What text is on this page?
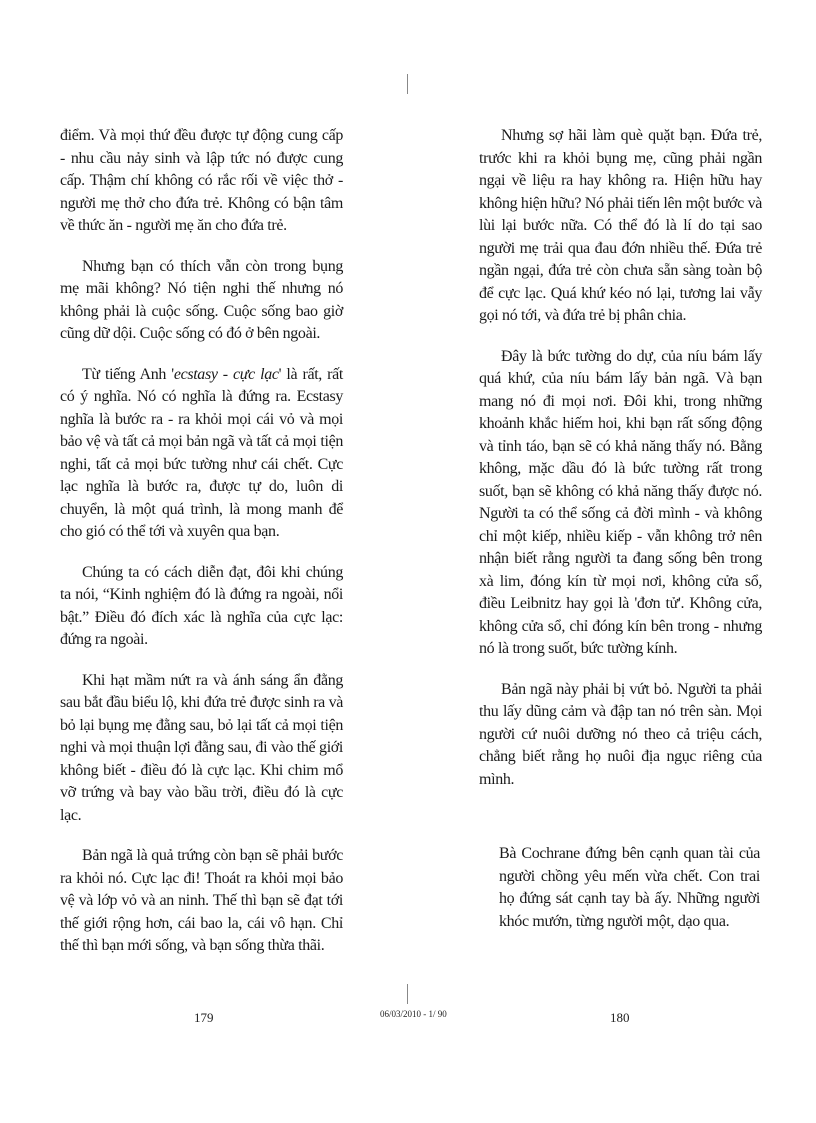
điểm. Và mọi thứ đều được tự động cung cấp - nhu cầu nảy sinh và lập tức nó được cung cấp. Thậm chí không có rắc rối về việc thở - người mẹ thở cho đứa trẻ. Không có bận tâm về thức ăn - người mẹ ăn cho đứa trẻ.

Nhưng bạn có thích vẫn còn trong bụng mẹ mãi không? Nó tiện nghi thế nhưng nó không phải là cuộc sống. Cuộc sống bao giờ cũng dữ dội. Cuộc sống có đó ở bên ngoài.

Từ tiếng Anh 'ecstasy - cực lạc' là rất, rất có ý nghĩa. Nó có nghĩa là đứng ra. Ecstasy nghĩa là bước ra - ra khỏi mọi cái vỏ và mọi bảo vệ và tất cả mọi bản ngã và tất cả mọi tiện nghi, tất cả mọi bức tường như cái chết. Cực lạc nghĩa là bước ra, được tự do, luôn di chuyển, là một quá trình, là mong manh để cho gió có thể tới và xuyên qua bạn.

Chúng ta có cách diễn đạt, đôi khi chúng ta nói, “Kinh nghiệm đó là đứng ra ngoài, nổi bật.” Điều đó đích xác là nghĩa của cực lạc: đứng ra ngoài.

Khi hạt mầm nứt ra và ánh sáng ẩn đằng sau bắt đầu biểu lộ, khi đứa trẻ được sinh ra và bỏ lại bụng mẹ đằng sau, bỏ lại tất cả mọi tiện nghi và mọi thuận lợi đằng sau, đi vào thế giới không biết - điều đó là cực lạc. Khi chim mổ vỡ trứng và bay vào bầu trời, điều đó là cực lạc.

Bản ngã là quả trứng còn bạn sẽ phải bước ra khỏi nó. Cực lạc đi! Thoát ra khỏi mọi bảo vệ và lớp vỏ và an ninh. Thế thì bạn sẽ đạt tới thế giới rộng hơn, cái bao la, cái vô hạn. Chỉ thế thì bạn mới sống, và bạn sống thừa thãi.

Nhưng sợ hãi làm què quặt bạn. Đứa trẻ, trước khi ra khỏi bụng mẹ, cũng phải ngần ngại về liệu ra hay không ra. Hiện hữu hay không hiện hữu? Nó phải tiến lên một bước và lùi lại bước nữa. Có thể đó là lí do tại sao người mẹ trải qua đau đớn nhiều thế. Đứa trẻ ngần ngại, đứa trẻ còn chưa sẵn sàng toàn bộ để cực lạc. Quá khứ kéo nó lại, tương lai vẫy gọi nó tới, và đứa trẻ bị phân chia.

Đây là bức tường do dự, của níu bám lấy quá khứ, của níu bám lấy bản ngã. Và bạn mang nó đi mọi nơi. Đôi khi, trong những khoảnh khắc hiếm hoi, khi bạn rất sống động và tỉnh táo, bạn sẽ có khả năng thấy nó. Bằng không, mặc dầu đó là bức tường rất trong suốt, bạn sẽ không có khả năng thấy được nó. Người ta có thể sống cả đời mình - và không chỉ một kiếp, nhiều kiếp - vẫn không trở nên nhận biết rằng người ta đang sống bên trong xà lim, đóng kín từ mọi nơi, không cửa sổ, điều Leibnitz hay gọi là 'đơn tử'. Không cửa, không cửa sổ, chỉ đóng kín bên trong - nhưng nó là trong suốt, bức tường kính.

Bản ngã này phải bị vứt bỏ. Người ta phải thu lấy dũng cảm và đập tan nó trên sàn. Mọi người cứ nuôi dưỡng nó theo cả triệu cách, chẳng biết rằng họ nuôi địa ngục riêng của mình.

Bà Cochrane đứng bên cạnh quan tài của người chồng yêu mến vừa chết. Con trai họ đứng sát cạnh tay bà ấy. Những người khóc mướn, từng người một, dạo qua.
179	06/03/2010 - 1/ 90	180
